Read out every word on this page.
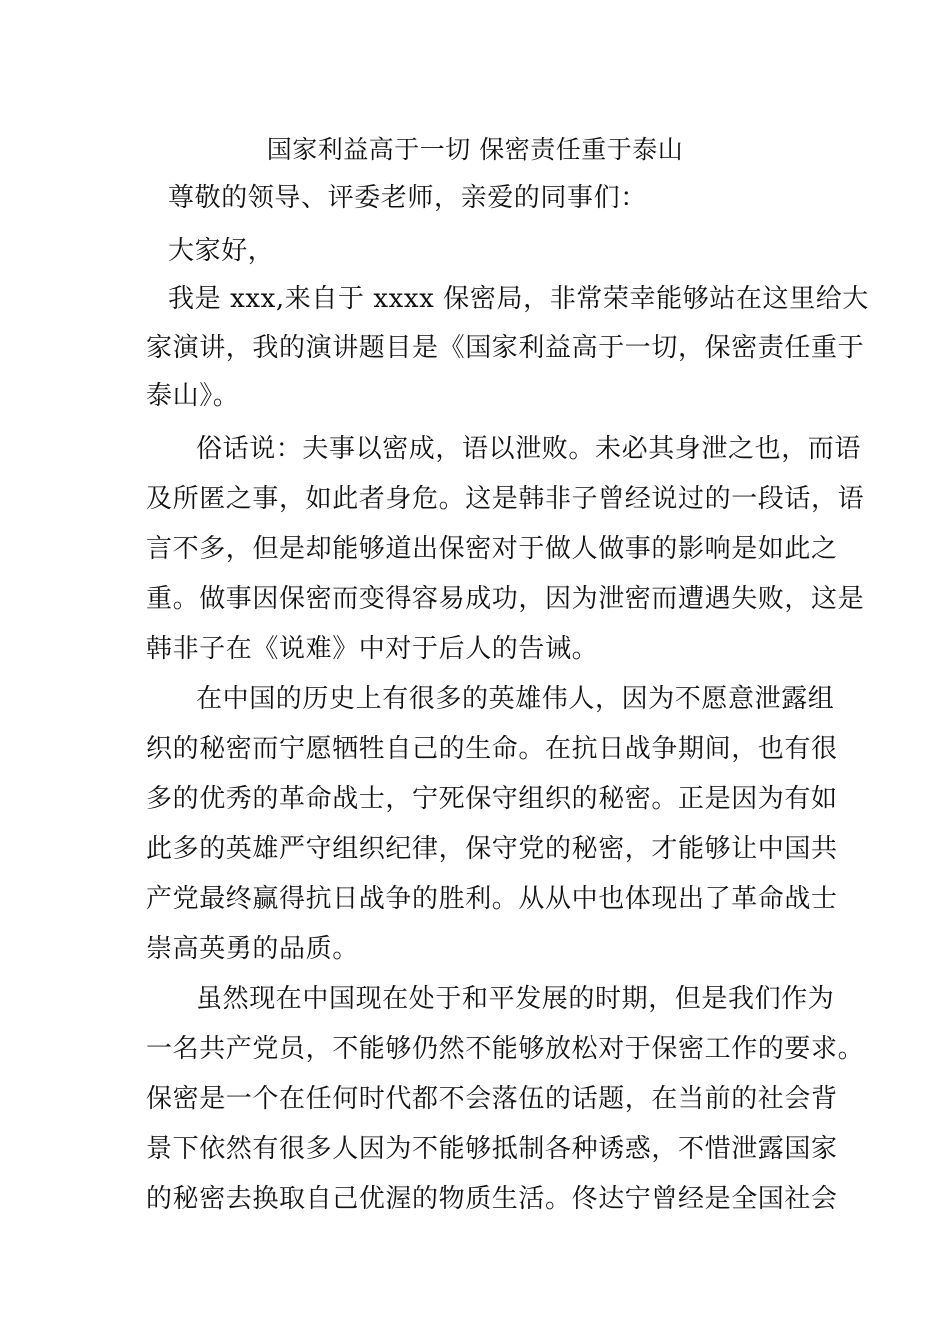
国家利益高于一切 保密责任重于泰山
尊敬的领导、评委老师，亲爱的同事们：
大家好，
我是 xxx,来自于 xxxx 保密局，非常荣幸能够站在这里给大
家演讲，我的演讲题目是《国家利益高于一切，保密责任重于
泰山》。
俗话说：夫事以密成，语以泄败。未必其身泄之也，而语
及所匿之事，如此者身危。这是韩非子曾经说过的一段话，语
言不多，但是却能够道出保密对于做人做事的影响是如此之
重。做事因保密而变得容易成功，因为泄密而遭遇失败，这是
韩非子在《说难》中对于后人的告诫。
在中国的历史上有很多的英雄伟人，因为不愿意泄露组
织的秘密而宁愿牺牲自己的生命。在抗日战争期间，也有很
多的优秀的革命战士，宁死保守组织的秘密。正是因为有如
此多的英雄严守组织纪律，保守党的秘密，才能够让中国共
产党最终赢得抗日战争的胜利。从从中也体现出了革命战士
崇高英勇的品质。
虽然现在中国现在处于和平发展的时期，但是我们作为
一名共产党员，不能够仍然不能够放松对于保密工作的要求。
保密是一个在任何时代都不会落伍的话题，在当前的社会背
景下依然有很多人因为不能够抵制各种诱惑，不惜泄露国家
的秘密去换取自己优渥的物质生活。佟达宁曾经是全国社会
